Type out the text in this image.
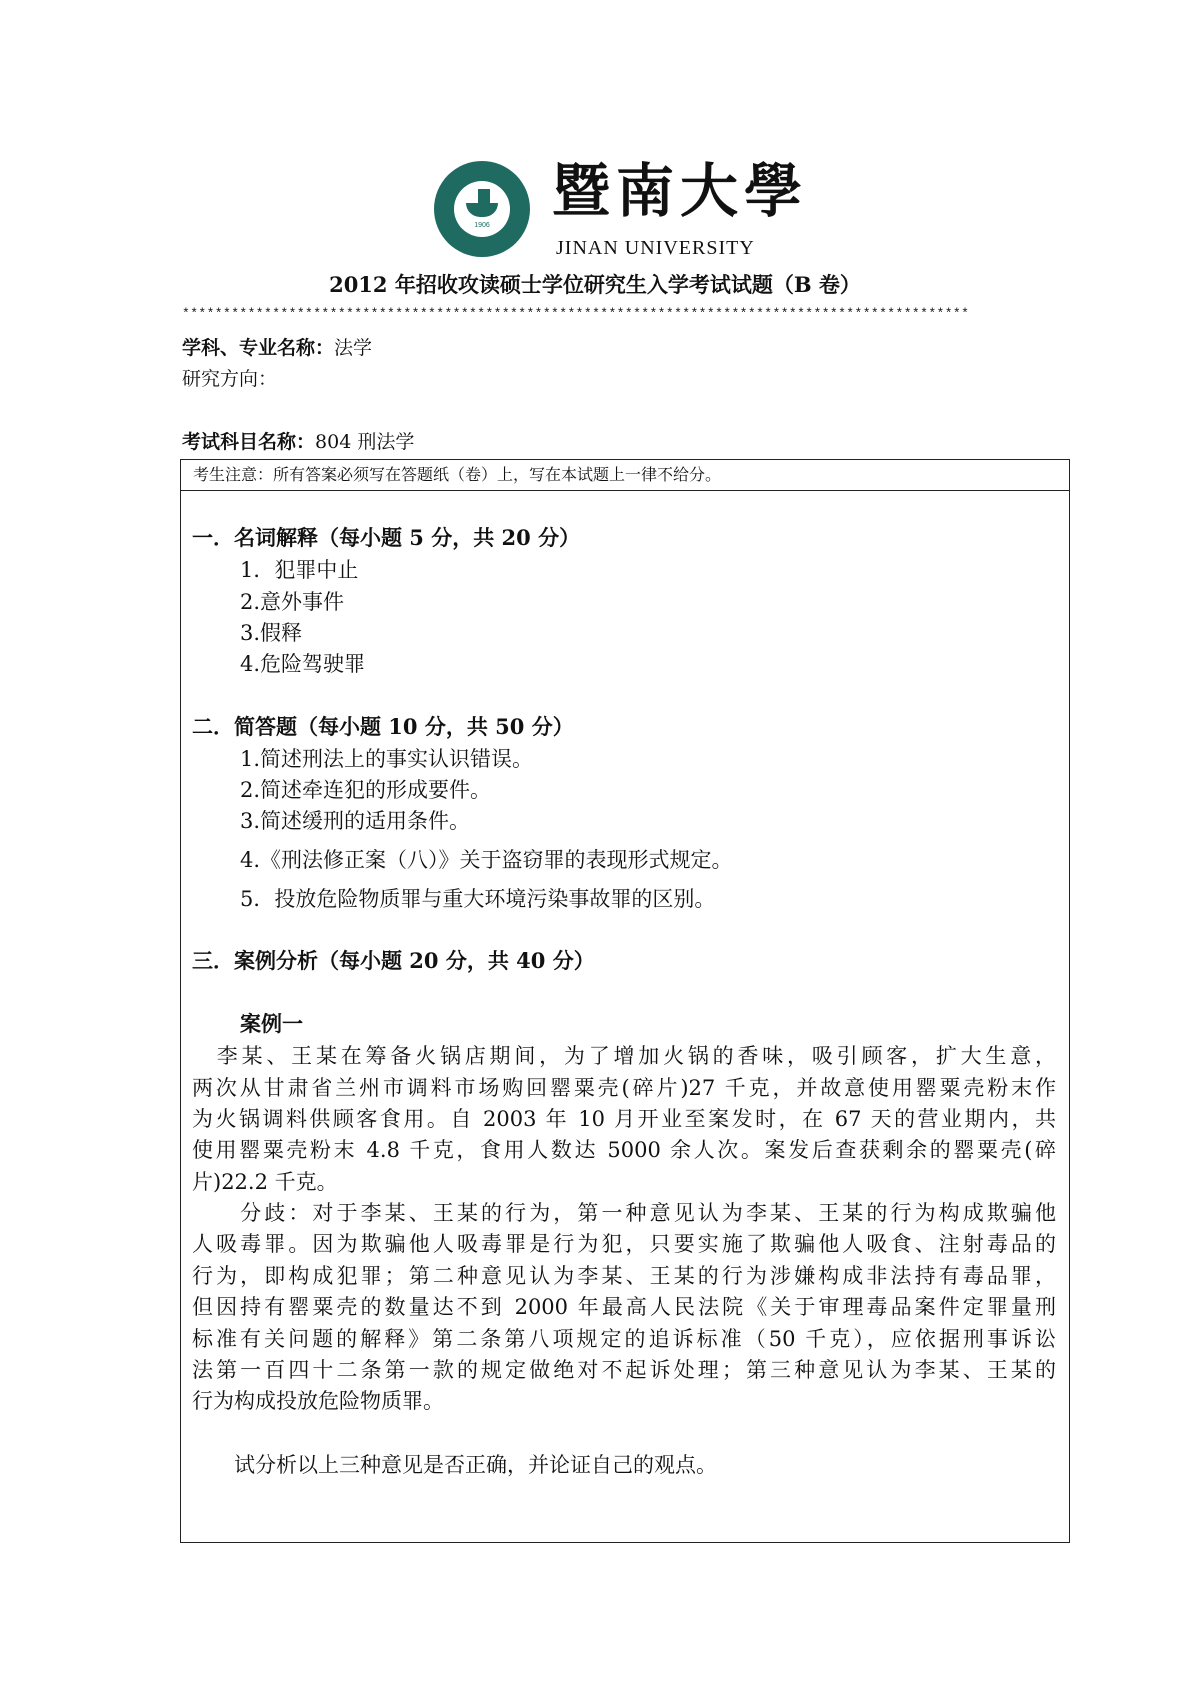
1906
暨南大學
JINAN UNIVERSITY
2012 年招收攻读硕士学位研究生入学考试试题（B 卷）
************************************************************************************************
学科、专业名称：法学
研究方向：
考试科目名称：804 刑法学
考生注意：所有答案必须写在答题纸（卷）上，写在本试题上一律不给分。
一．名词解释（每小题 5 分，共 20 分）
1．犯罪中止
2.意外事件
3.假释
4.危险驾驶罪
二．简答题（每小题 10 分，共 50 分）
1.简述刑法上的事实认识错误。
2.简述牵连犯的形成要件。
3.简述缓刑的适用条件。
4.《刑法修正案（八）》关于盗窃罪的表现形式规定。
5．投放危险物质罪与重大环境污染事故罪的区别。
三．案例分析（每小题 20 分，共 40 分）
案例一
　李某、王某在筹备火锅店期间，为了增加火锅的香味，吸引顾客，扩大生意，
两次从甘肃省兰州市调料市场购回罂粟壳(碎片)27 千克，并故意使用罂粟壳粉末作
为火锅调料供顾客食用。自 2003 年 10 月开业至案发时，在 67 天的营业期内，共
使用罂粟壳粉末 4.8 千克，食用人数达 5000 余人次。案发后查获剩余的罂粟壳(碎
片)22.2 千克。
　　分歧：对于李某、王某的行为，第一种意见认为李某、王某的行为构成欺骗他
人吸毒罪。因为欺骗他人吸毒罪是行为犯，只要实施了欺骗他人吸食、注射毒品的
行为，即构成犯罪；第二种意见认为李某、王某的行为涉嫌构成非法持有毒品罪，
但因持有罂粟壳的数量达不到 2000 年最高人民法院《关于审理毒品案件定罪量刑
标准有关问题的解释》第二条第八项规定的追诉标准（50 千克），应依据刑事诉讼
法第一百四十二条第一款的规定做绝对不起诉处理；第三种意见认为李某、王某的
行为构成投放危险物质罪。
　　试分析以上三种意见是否正确，并论证自己的观点。
